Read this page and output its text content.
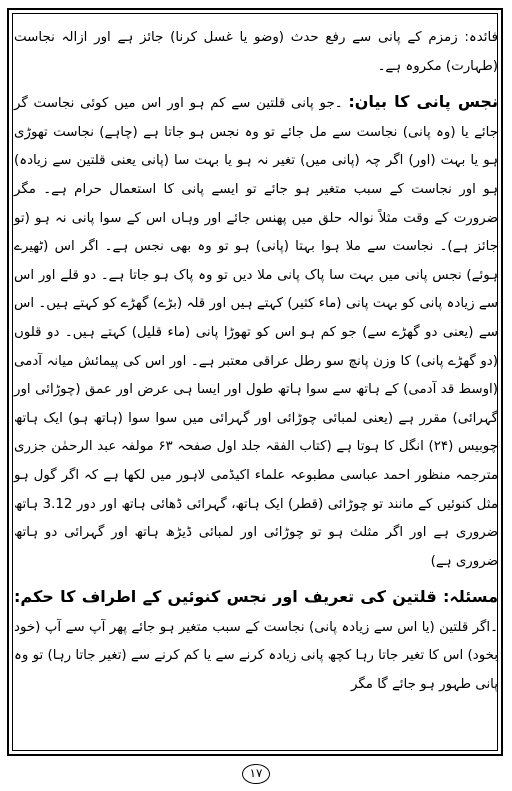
فائدہ: زمزم کے پانی سے رفع حدث (وضو یا غسل کرنا) جائز ہے اور ازالہ نجاست (طہارت) مکروہ ہے۔

نجس پانی کا بیان: ۔جو پانی قلتین سے کم ہو اور اس میں کوئی نجاست گر جائے یا (وہ پانی) نجاست سے مل جائے تو وہ نجس ہو جاتا ہے (چاہے) نجاست تھوڑی ہو یا بہت (اور) اگر چہ (پانی میں) تغیر نہ ہو یا بہت سا (پانی یعنی قلتین سے زیادہ) ہو اور نجاست کے سبب متغیر ہو جائے تو ایسے پانی کا استعمال حرام ہے۔ مگر ضرورت کے وقت مثلاً نوالہ حلق میں پھنس جائے اور وہاں اس کے سوا پانی نہ ہو (تو جائز ہے)۔ نجاست سے ملا ہوا بہتا (پانی) ہو تو وہ بھی نجس ہے۔ اگر اس (ٹھیرے ہوئے) نجس پانی میں بہت سا پاک پانی ملا دیں تو وہ پاک ہو جاتا ہے۔ دو قلے اور اس سے زیادہ پانی کو بہت پانی (ماء کثیر) کہتے ہیں اور قلہ (بڑے) گھڑے کو کہتے ہیں۔ اس سے (یعنی دو گھڑے سے) جو کم ہو اس کو تھوڑا پانی (ماء قلیل) کہتے ہیں۔ دو قلوں (دو گھڑے پانی) کا وزن پانچ سو رطل عراقی معتبر ہے۔ اور اس کی پیمائش میانہ آدمی (اوسط قد آدمی) کے ہاتھ سے سوا ہاتھ طول اور ایسا ہی عرض اور عمق (چوڑائی اور گہرائی) مقرر ہے (یعنی لمبائی چوڑائی اور گہرائی میں سوا سوا (ہاتھ ہو) ایک ہاتھ چوبیس (۲۴) انگل کا ہوتا ہے (کتاب الفقہ جلد اول صفحہ ۶۳ مولفہ عبد الرحمٰن جزری مترجمہ منظور احمد عباسی مطبوعہ علماء اکیڈمی لاہور میں لکھا ہے کہ اگر گول ہو مثل کنوئیں کے مانند تو چوڑائی (قطر) ایک ہاتھ، گہرائی ڈھائی ہاتھ اور دور 3.12 ہاتھ ضروری ہے اور اگر مثلث ہو تو چوڑائی اور لمبائی ڈیڑھ ہاتھ اور گہرائی دو ہاتھ ضروری ہے)

مسئلہ: قلتین کی تعریف اور نجس کنوئیں کے اطراف کا حکم: ۔اگر قلتین (یا اس سے زیادہ پانی) نجاست کے سبب متغیر ہو جائے پھر آپ سے آپ (خود بخود) اس کا تغیر جاتا رہا کچھ پانی زیادہ کرنے سے یا کم کرنے سے (تغیر جاتا رہا) تو وہ پانی طہور ہو جائے گا مگر

۱۷
